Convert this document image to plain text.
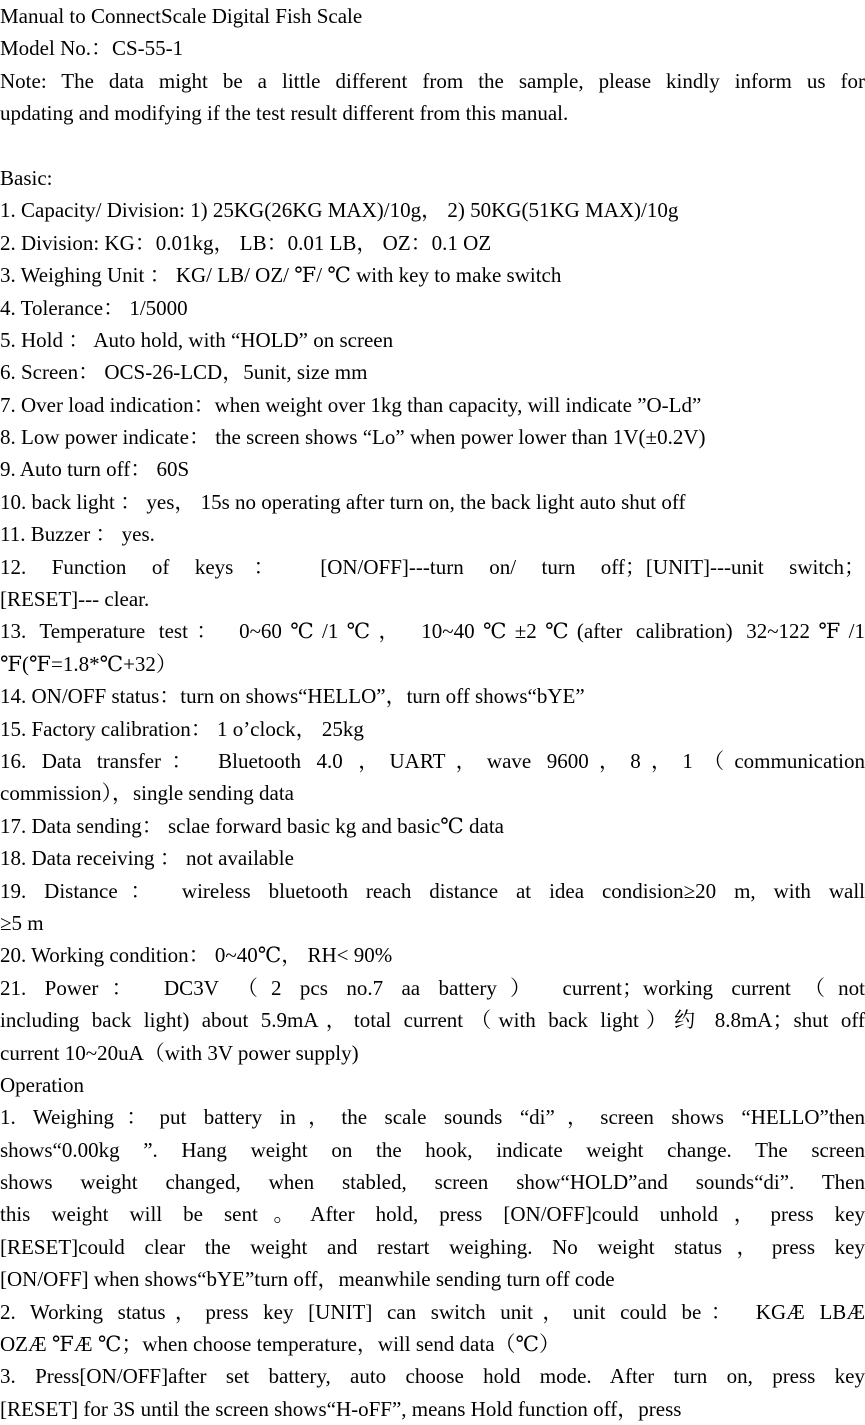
Manual to ConnectScale Digital Fish Scale
Model No.：CS-55-1
Note: The data might be a little different from the sample, please kindly inform us for
updating and modifying if the test result different from this manual.
Basic:
1. Capacity/ Division: 1) 25KG(26KG MAX)/10g， 2) 50KG(51KG MAX)/10g
2. Division: KG：0.01kg， LB：0.01 LB， OZ：0.1 OZ
3. Weighing Unit ： KG/ LB/ OZ/ ℉/ ℃ with key to make switch
4. Tolerance： 1/5000
5. Hold ： Auto hold, with “HOLD” on screen
6. Screen： OCS-26-LCD，5unit, size mm
7. Over load indication：when weight over 1kg than capacity, will indicate ”O-Ld”
8. Low power indicate： the screen shows “Lo” when power lower than 1V(±0.2V)
9. Auto turn off： 60S
10. back light ： yes， 15s no operating after turn on, the back light auto shut off
11. Buzzer ： yes.
12. Function of keys： [ON/OFF]---turn on/ turn off；[UNIT]---unit switch；
[RESET]--- clear.
13. Temperature test： 0~60℃/1℃， 10~40℃±2℃(after calibration) 32~122℉/1
℉(℉=1.8*℃+32）
14. ON/OFF status：turn on shows“HELLO”，turn off shows“bYE”
15. Factory calibration： 1 o’clock， 25kg
16. Data transfer： Bluetooth 4.0 ，UART，wave 9600，8，1（communication
commission），single sending data
17. Data sending： sclae forward basic kg and basic℃ data
18. Data receiving ： not available
19. Distance： wireless bluetooth reach distance at idea condision≥20 m, with wall
≥5 m
20. Working condition： 0~40℃， RH< 90%
21. Power： DC3V （2 pcs no.7 aa battery） current；working current（not
including back light) about 5.9mA，total current（with back light）约 8.8mA；shut off
current 10~20uA（with 3V power supply)
Operation
1. Weighing：put battery in，the scale sounds “di”，screen shows “HELLO”then
shows“0.00kg ”. Hang weight on the hook, indicate weight change. The screen
shows weight changed, when stabled, screen show“HOLD”and sounds“di”. Then
this weight will be sent。After hold, press [ON/OFF]could unhold，press key
[RESET]could clear the weight and restart weighing. No weight status，press key
[ON/OFF] when shows“bYE”turn off，meanwhile sending turn off code
2. Working status，press key [UNIT] can switch unit，unit could be： KGÆ LBÆ
OZÆ ℉Æ ℃；when choose temperature，will send data（℃）
3. Press[ON/OFF]after set battery, auto choose hold mode. After turn on, press key
[RESET] for 3S until the screen shows“H-oFF”, means Hold function off，press
